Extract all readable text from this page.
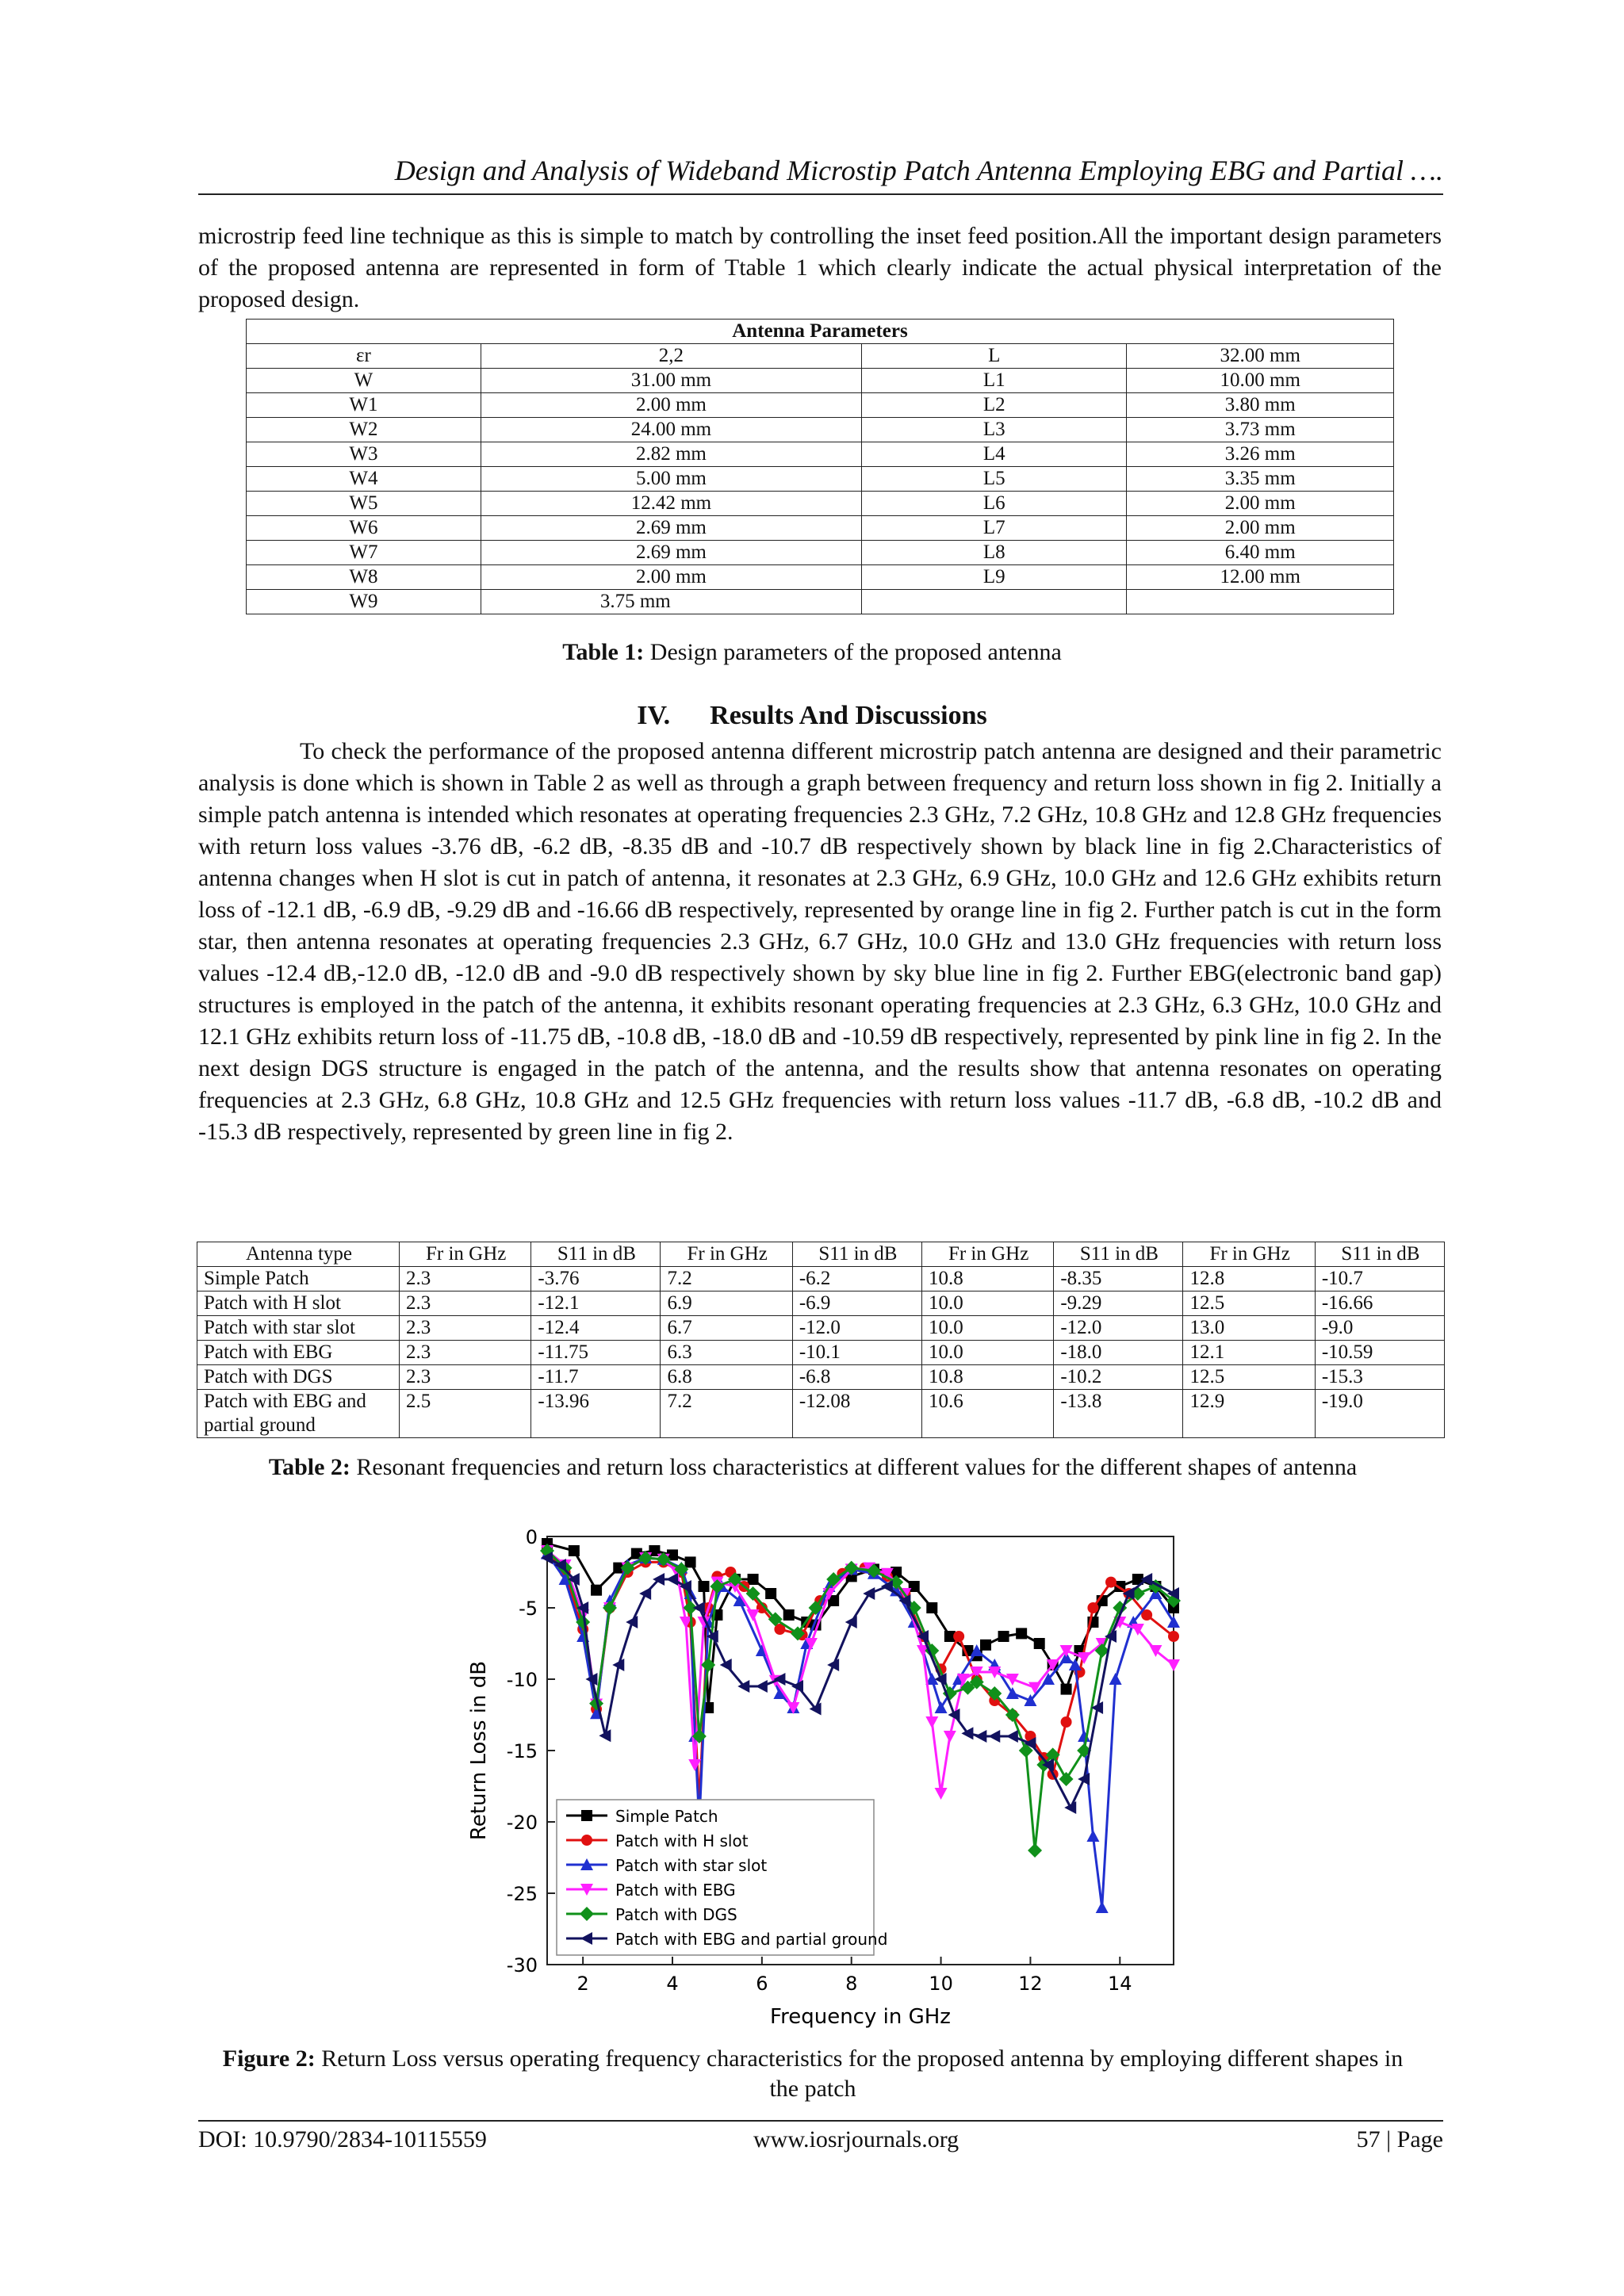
Design and Analysis of Wideband Microstip Patch Antenna Employing EBG and Partial ….

microstrip feed line technique as this is simple to match by controlling the inset feed position.All the important design parameters of the proposed antenna are represented in form of Ttable 1 which clearly indicate the actual physical interpretation of the proposed design.

Antenna Parameters			
εr	2,2	L	32.00 mm
W	31.00 mm	L1	10.00 mm
W1	2.00 mm	L2	3.80 mm
W2	24.00 mm	L3	3.73 mm
W3	2.82 mm	L4	3.26 mm
W4	5.00 mm	L5	3.35 mm
W5	12.42 mm	L6	2.00 mm
W6	2.69 mm	L7	2.00 mm
W7	2.69 mm	L8	6.40 mm
W8	2.00 mm	L9	12.00 mm
W9	3.75 mm		
Table 1: Design parameters of the proposed antenna
IV. Results And Discussions

To check the performance of the proposed antenna different microstrip patch antenna are designed and their parametric analysis is done which is shown in Table 2 as well as through a graph between frequency and return loss shown in fig 2. Initially a simple patch antenna is intended which resonates at operating frequencies 2.3 GHz, 7.2 GHz, 10.8 GHz and 12.8 GHz frequencies with return loss values -3.76 dB, -6.2 dB, -8.35 dB and -10.7 dB respectively shown by black line in fig 2.Characteristics of antenna changes when H slot is cut in patch of antenna, it resonates at 2.3 GHz, 6.9 GHz, 10.0 GHz and 12.6 GHz exhibits return loss of -12.1 dB, -6.9 dB, -9.29 dB and -16.66 dB respectively, represented by orange line in fig 2. Further patch is cut in the form star, then antenna resonates at operating frequencies 2.3 GHz, 6.7 GHz, 10.0 GHz and 13.0 GHz frequencies with return loss values -12.4 dB,-12.0 dB, -12.0 dB and -9.0 dB respectively shown by sky blue line in fig 2. Further EBG(electronic band gap) structures is employed in the patch of the antenna, it exhibits resonant operating frequencies at 2.3 GHz, 6.3 GHz, 10.0 GHz and 12.1 GHz exhibits return loss of -11.75 dB, -10.8 dB, -18.0 dB and -10.59 dB respectively, represented by pink line in fig 2. In the next design DGS structure is engaged in the patch of the antenna, and the results show that antenna resonates on operating frequencies at 2.3 GHz, 6.8 GHz, 10.8 GHz and 12.5 GHz frequencies with return loss values -11.7 dB, -6.8 dB, -10.2 dB and -15.3 dB respectively, represented by green line in fig 2.

Antenna type	Fr in GHz	S11 in dB	Fr in GHz	S11 in dB	Fr in GHz	S11 in dB	Fr in GHz	S11 in dB
Simple Patch	2.3	-3.76	7.2	-6.2	10.8	-8.35	12.8	-10.7
Patch with H slot	2.3	-12.1	6.9	-6.9	10.0	-9.29	12.5	-16.66
Patch with star slot	2.3	-12.4	6.7	-12.0	10.0	-12.0	13.0	-9.0
Patch with EBG	2.3	-11.75	6.3	-10.1	10.0	-18.0	12.1	-10.59
Patch with DGS	2.3	-11.7	6.8	-6.8	10.8	-10.2	12.5	-15.3
Patch with EBG and partial ground	2.5	-13.96	7.2	-12.08	10.6	-13.8	12.9	-19.0
Table 2: Resonant frequencies and return loss characteristics at different values for the different shapes of antenna
0
-5
-10
-15
-20
-25
-30
2	4	6	8	10	12	14
Simple Patch
Patch with H slot
Patch with star slot
Patch with EBG
Patch with DGS
Patch with EBG and partial ground
Frequency in GHz
Return Loss in dB
Figure 2: Return Loss versus operating frequency characteristics for the proposed antenna by employing different shapes in the patch
DOI: 10.9790/2834-10115559	www.iosrjournals.org	57 | Page
